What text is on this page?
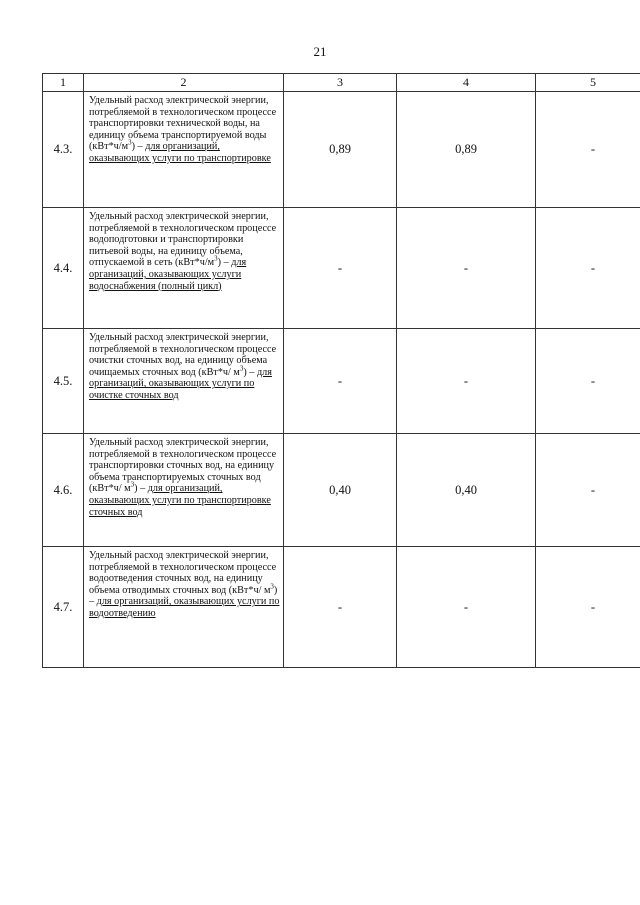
21
1	2	3	4	5
4.3.	Удельный расход электрической энергии, потребляемой в технологическом процессе транспортировки технической воды, на единицу объема транспортируемой воды $(кВт*ч/м^3)$ – для организаций, оказывающих услуги по транспортировке	0,89	0,89	-
4.4.	Удельный расход электрической энергии, потребляемой в технологическом процессе водоподготовки и транспортировки питьевой воды, на единицу объема, отпускаемой в сеть $(кВт*ч/м^3)$ – для организаций, оказывающих услуги водоснабжения (полный цикл)	-	-	-
4.5.	Удельный расход электрической энергии, потребляемой в технологическом процессе очистки сточных вод, на единицу объема очищаемых сточных вод (кВт*ч/ $м^3$) – для организаций, оказывающих услуги по очистке сточных вод	-	-	-
4.6.	Удельный расход электрической энергии, потребляемой в технологическом процессе транспортировки сточных вод, на единицу объема транспортируемых сточных вод (кВт*ч/ $м^3$) – для организаций, оказывающих услуги по транспортировке сточных вод	0,40	0,40	-
4.7.	Удельный расход электрической энергии, потребляемой в технологическом процессе водоотведения сточных вод, на единицу объема отводимых сточных вод (кВт*ч/ $м^3$) – для организаций, оказывающих услуги по водоотведению	-	-	-
